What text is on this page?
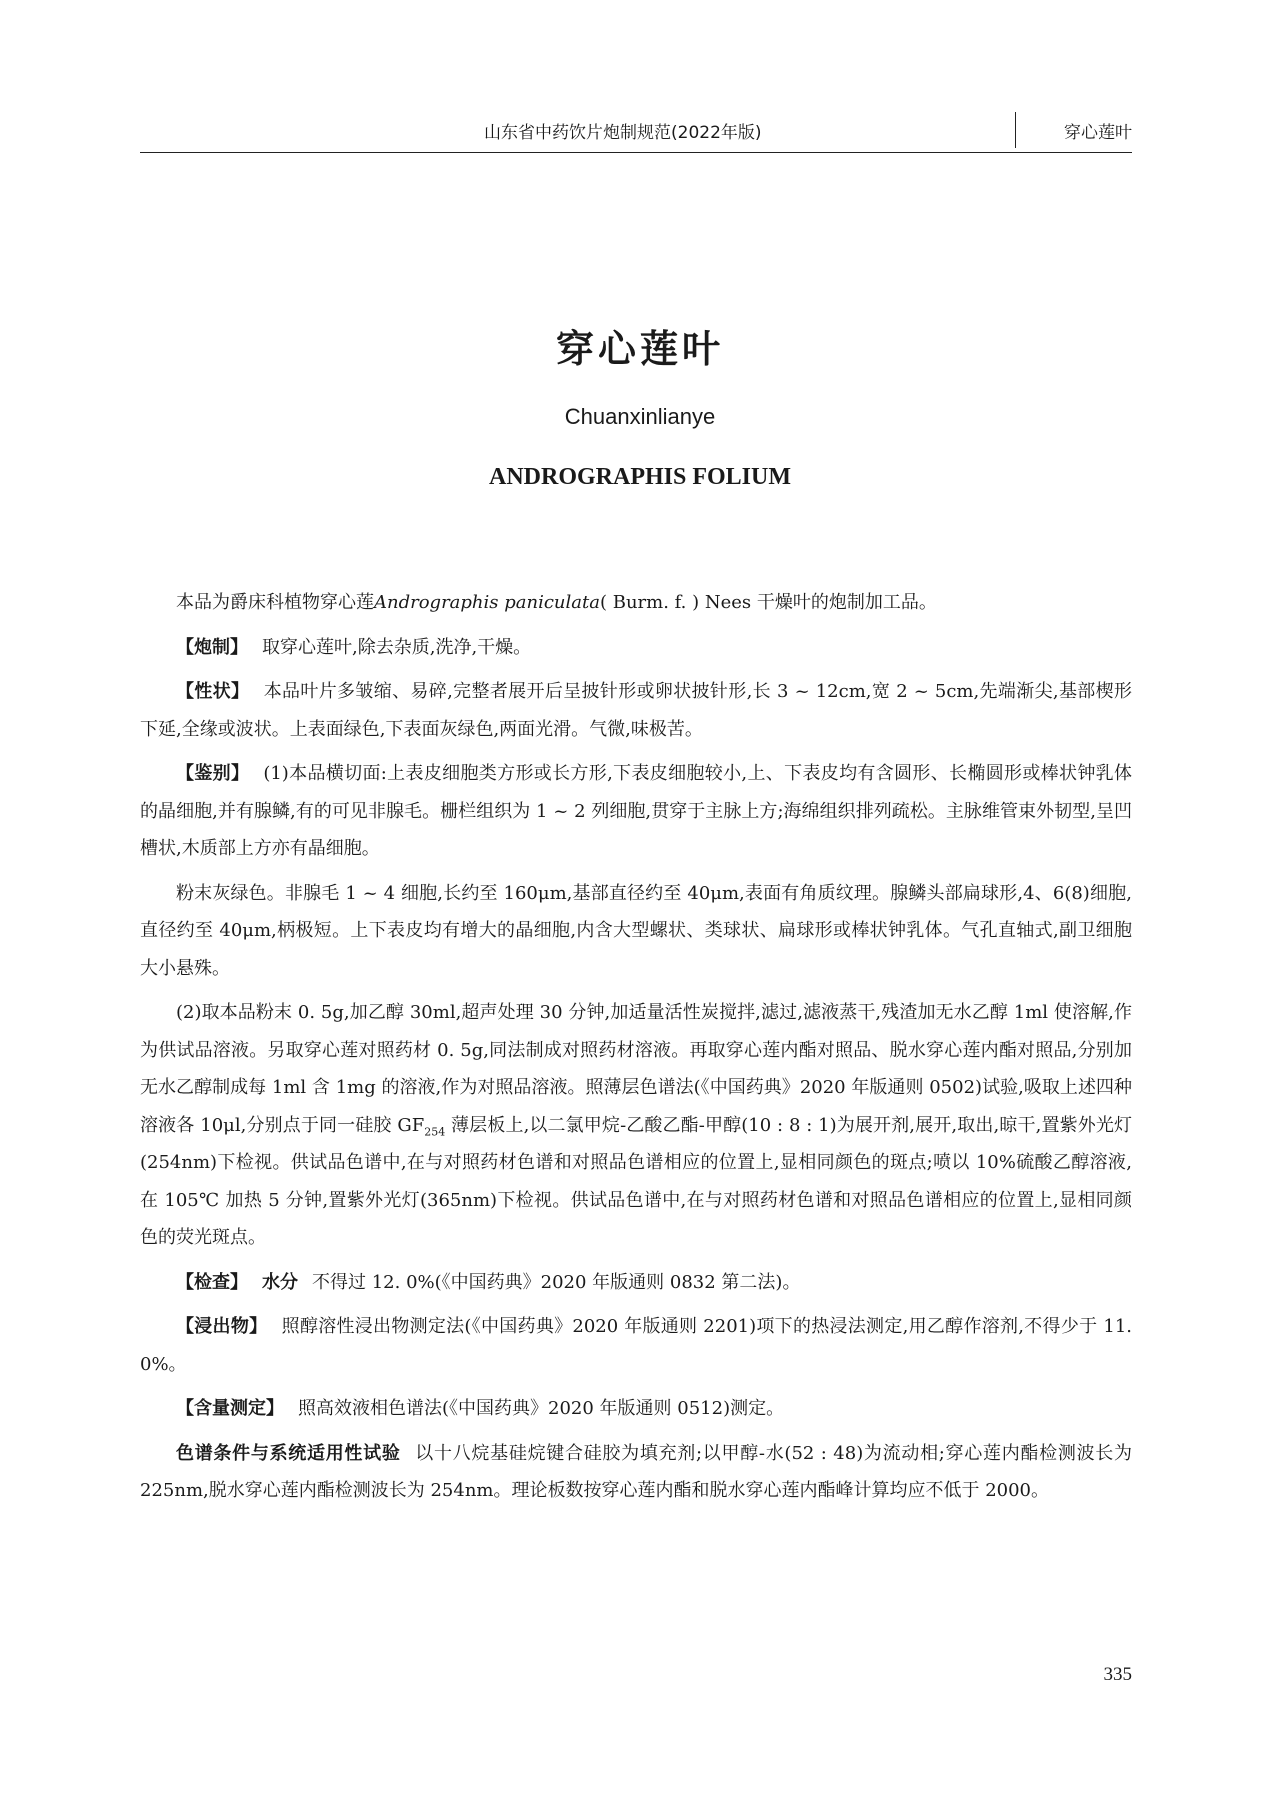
山东省中药饮片炮制规范(2022年版)	穿心莲叶
穿心莲叶
Chuanxinlianye
ANDROGRAPHIS FOLIUM

本品为爵床科植物穿心莲Andrographis paniculata( Burm. f. ) Nees 干燥叶的炮制加工品。

【炮制】 取穿心莲叶,除去杂质,洗净,干燥。

【性状】 本品叶片多皱缩、易碎,完整者展开后呈披针形或卵状披针形,长 3 ~ 12cm,宽 2 ~ 5cm,先端渐尖,基部楔形下延,全缘或波状。上表面绿色,下表面灰绿色,两面光滑。气微,味极苦。

【鉴别】 (1)本品横切面:上表皮细胞类方形或长方形,下表皮细胞较小,上、下表皮均有含圆形、长椭圆形或棒状钟乳体的晶细胞,并有腺鳞,有的可见非腺毛。栅栏组织为 1 ~ 2 列细胞,贯穿于主脉上方;海绵组织排列疏松。主脉维管束外韧型,呈凹槽状,木质部上方亦有晶细胞。

粉末灰绿色。非腺毛 1 ~ 4 细胞,长约至 160μm,基部直径约至 40μm,表面有角质纹理。腺鳞头部扁球形,4、6(8)细胞,直径约至 40μm,柄极短。上下表皮均有增大的晶细胞,内含大型螺状、类球状、扁球形或棒状钟乳体。气孔直轴式,副卫细胞大小悬殊。

(2)取本品粉末 0. 5g,加乙醇 30ml,超声处理 30 分钟,加适量活性炭搅拌,滤过,滤液蒸干,残渣加无水乙醇 1ml 使溶解,作为供试品溶液。另取穿心莲对照药材 0. 5g,同法制成对照药材溶液。再取穿心莲内酯对照品、脱水穿心莲内酯对照品,分别加无水乙醇制成每 1ml 含 1mg 的溶液,作为对照品溶液。照薄层色谱法(《中国药典》2020 年版通则 0502)试验,吸取上述四种溶液各 10μl,分别点于同一硅胶 $GF_{254}$ 薄层板上,以二氯甲烷-乙酸乙酯-甲醇(10 : 8 : 1)为展开剂,展开,取出,晾干,置紫外光灯(254nm)下检视。供试品色谱中,在与对照药材色谱和对照品色谱相应的位置上,显相同颜色的斑点;喷以 10%硫酸乙醇溶液,在 105℃ 加热 5 分钟,置紫外光灯(365nm)下检视。供试品色谱中,在与对照药材色谱和对照品色谱相应的位置上,显相同颜色的荧光斑点。

【检查】 水分 不得过 12. 0%(《中国药典》2020 年版通则 0832 第二法)。

【浸出物】 照醇溶性浸出物测定法(《中国药典》2020 年版通则 2201)项下的热浸法测定,用乙醇作溶剂,不得少于 11. 0%。

【含量测定】 照高效液相色谱法(《中国药典》2020 年版通则 0512)测定。

色谱条件与系统适用性试验 以十八烷基硅烷键合硅胶为填充剂;以甲醇-水(52 : 48)为流动相;穿心莲内酯检测波长为 225nm,脱水穿心莲内酯检测波长为 254nm。理论板数按穿心莲内酯和脱水穿心莲内酯峰计算均应不低于 2000。

335
